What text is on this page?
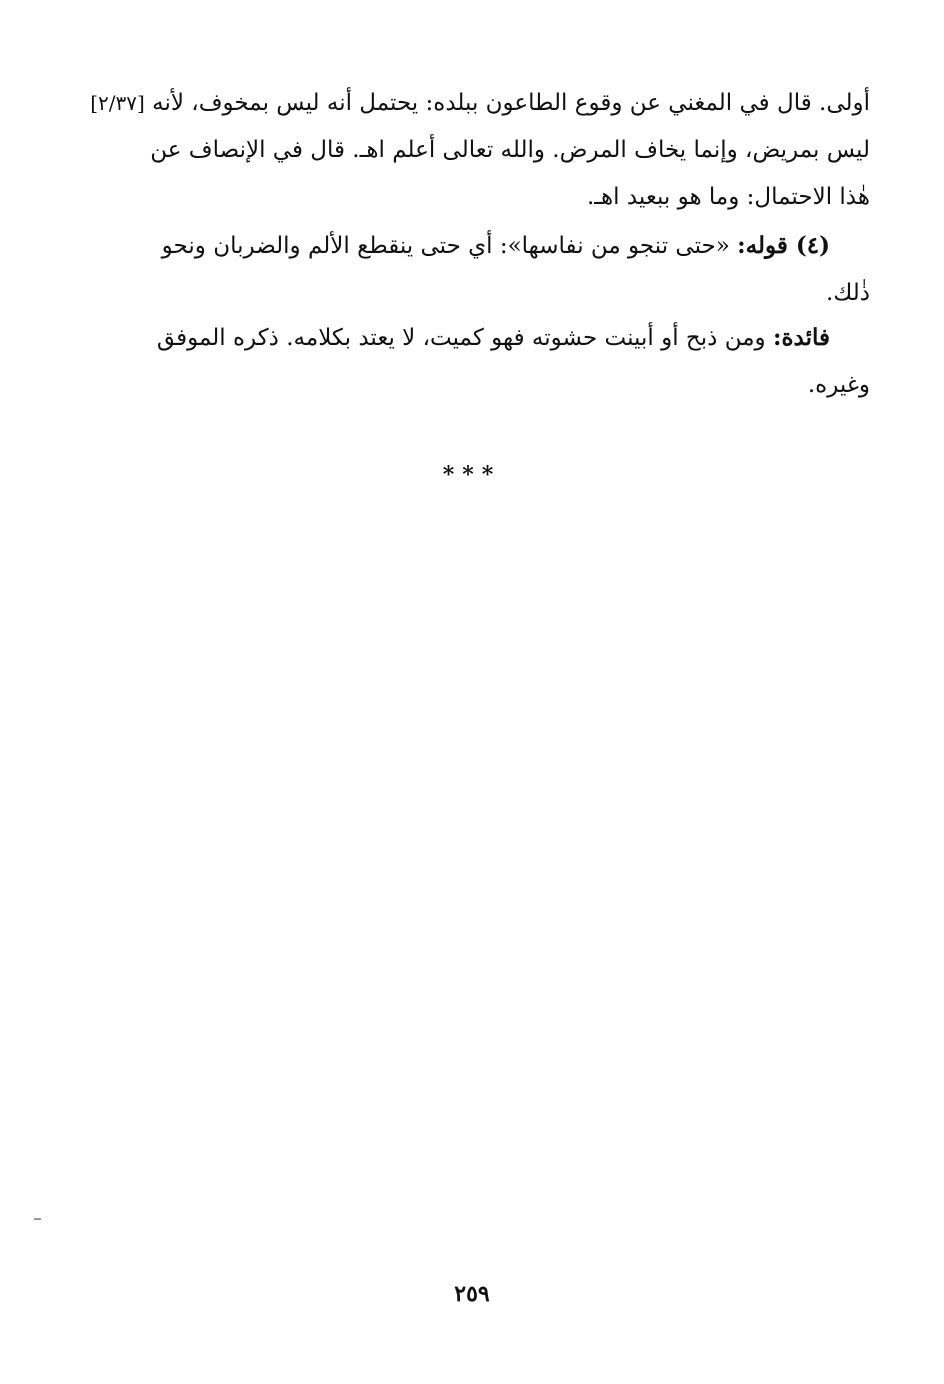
أولى. قال في المغني عن وقوع الطاعون ببلده: يحتمل أنه ليس بمخوف، لأنه [٢/٣٧]
ليس بمريض، وإنما يخاف المرض. والله تعالى أعلم اهـ. قال في الإنصاف عن
هٰذا الاحتمال: وما هو ببعيد اهـ.
(٤) قوله: «حتى تنجو من نفاسها»: أي حتى ينقطع الألم والضربان ونحو
ذٰلك.
فائدة: ومن ذبح أو أبينت حشوته فهو كميت، لا يعتد بكلامه. ذكره الموفق
وغيره.
***
٢٥٩
